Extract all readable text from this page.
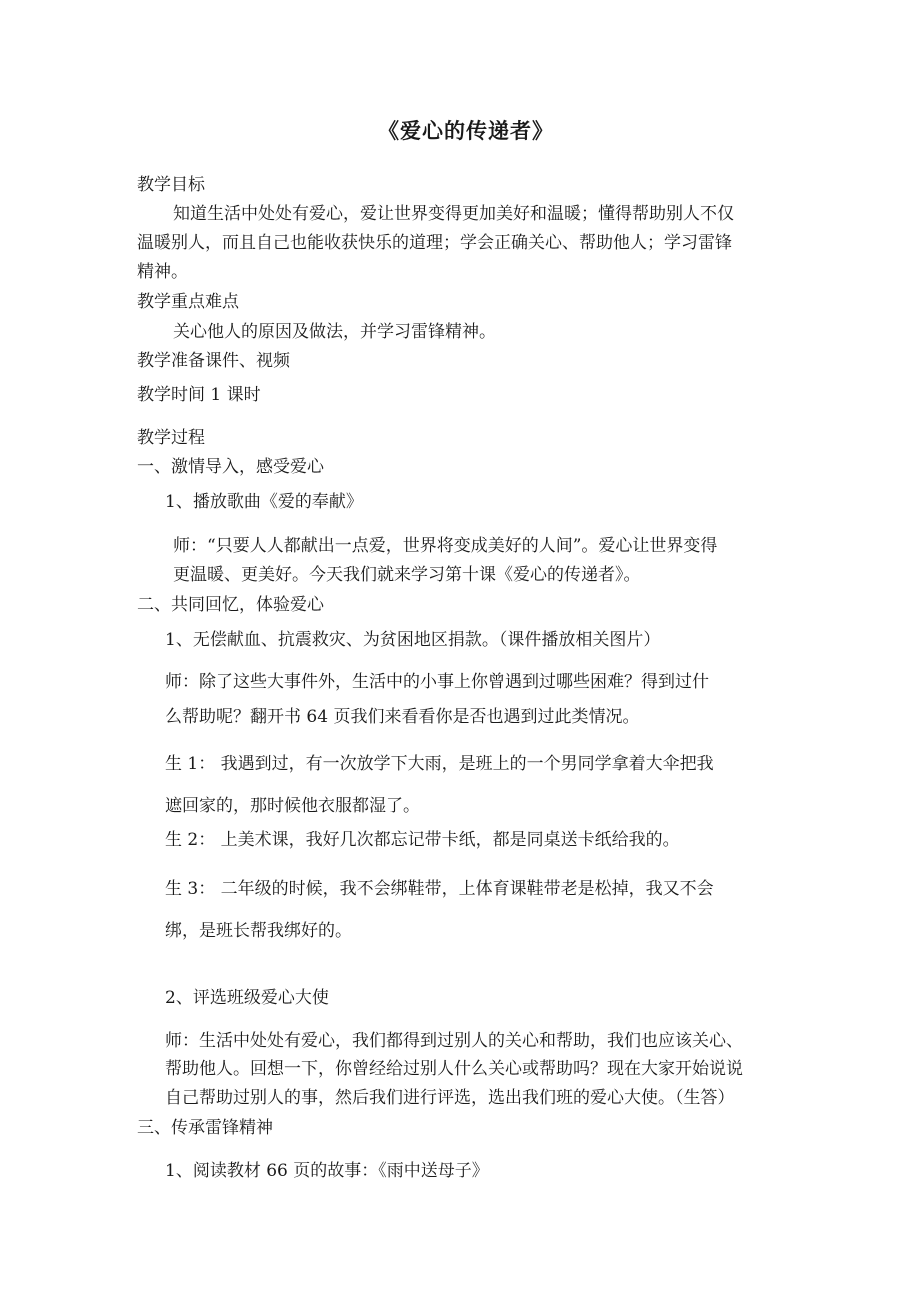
《爱心的传递者》
教学目标
知道生活中处处有爱心，爱让世界变得更加美好和温暖；懂得帮助别人不仅
温暖别人，而且自己也能收获快乐的道理；学会正确关心、帮助他人；学习雷锋
精神。
教学重点难点
关心他人的原因及做法，并学习雷锋精神。
教学准备课件、视频
教学时间 1 课时
教学过程
一、激情导入，感受爱心
1、播放歌曲《爱的奉献》
师：“只要人人都献出一点爱，世界将变成美好的人间”。爱心让世界变得
更温暖、更美好。今天我们就来学习第十课《爱心的传递者》。
二、共同回忆，体验爱心
1、无偿献血、抗震救灾、为贫困地区捐款。（课件播放相关图片）
师：除了这些大事件外，生活中的小事上你曾遇到过哪些困难？得到过什
么帮助呢？翻开书 64 页我们来看看你是否也遇到过此类情况。
生 1： 我遇到过，有一次放学下大雨，是班上的一个男同学拿着大伞把我
遮回家的，那时候他衣服都湿了。
生 2： 上美术课，我好几次都忘记带卡纸，都是同桌送卡纸给我的。
生 3： 二年级的时候，我不会绑鞋带，上体育课鞋带老是松掉，我又不会
绑，是班长帮我绑好的。
2、评选班级爱心大使
师：生活中处处有爱心，我们都得到过别人的关心和帮助，我们也应该关心、
帮助他人。回想一下，你曾经给过别人什么关心或帮助吗？现在大家开始说说
自己帮助过别人的事，然后我们进行评选，选出我们班的爱心大使。（生答）
三、传承雷锋精神
1、阅读教材 66 页的故事：《雨中送母子》
